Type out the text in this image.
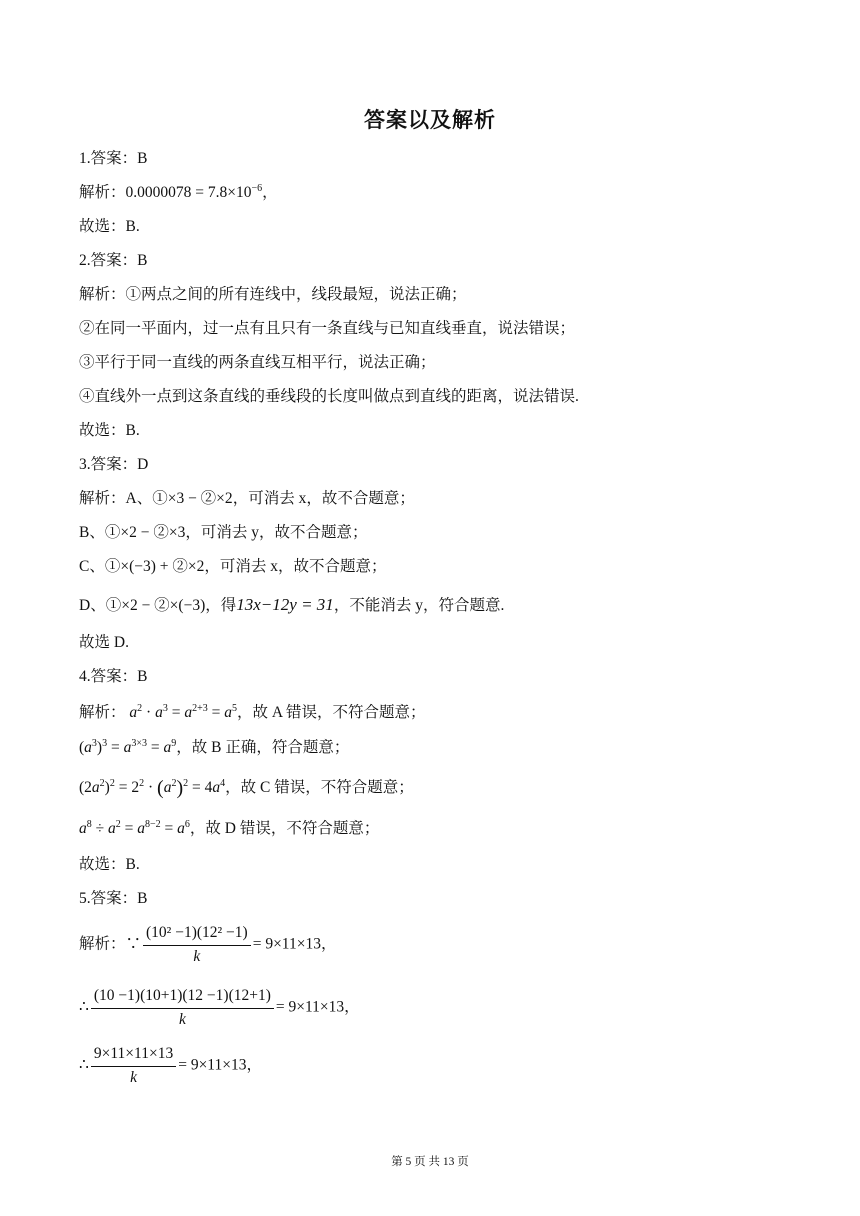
答案以及解析
1.答案：B
解析：$0.0000078 = 7.8\times 10^{-6}$，
故选：B.
2.答案：B
解析：①两点之间的所有连线中，线段最短，说法正确；
②在同一平面内，过一点有且只有一条直线与已知直线垂直，说法错误；
③平行于同一直线的两条直线互相平行，说法正确；
④直线外一点到这条直线的垂线段的长度叫做点到直线的距离，说法错误.
故选：B.
3.答案：D
解析：A、①×3 − ②×2，可消去 x，故不合题意；
B、①×2 − ②×3，可消去 y，故不合题意；
C、①×(−3) + ②×2，可消去 x，故不合题意；
D、①×2 − ②×(−3)，得13x−12y = 31，不能消去 y，符合题意.
故选 D.
4.答案：B
解析： $a^2 \cdot a^3 = a^{2+3} = a^5$，故 A 错误，不符合题意；
$(a^3)^3 = a^{3\times 3} = a^9$，故 B 正确，符合题意；
$(2a^2)^2 = 2^2 \cdot (a^2)^2 = 4a^4$，故 C 错误，不符合题意；
$a^8 \div a^2 = a^{8-2} = a^6$，故 D 错误，不符合题意；
故选：B.
5.答案：B
解析：∵ $\frac{\text{(10² −1)(12² −1)}}{k} = 9\times 11\times 13$，
∴ $\frac{(10 -1)(10+1)(12 -1)(12+1)}{k} = 9\times 11\times 13$，
∴ $\frac{9\times 11\times 11\times 13}{k} = 9\times 11\times 13$，
第 5 页 共 13 页
